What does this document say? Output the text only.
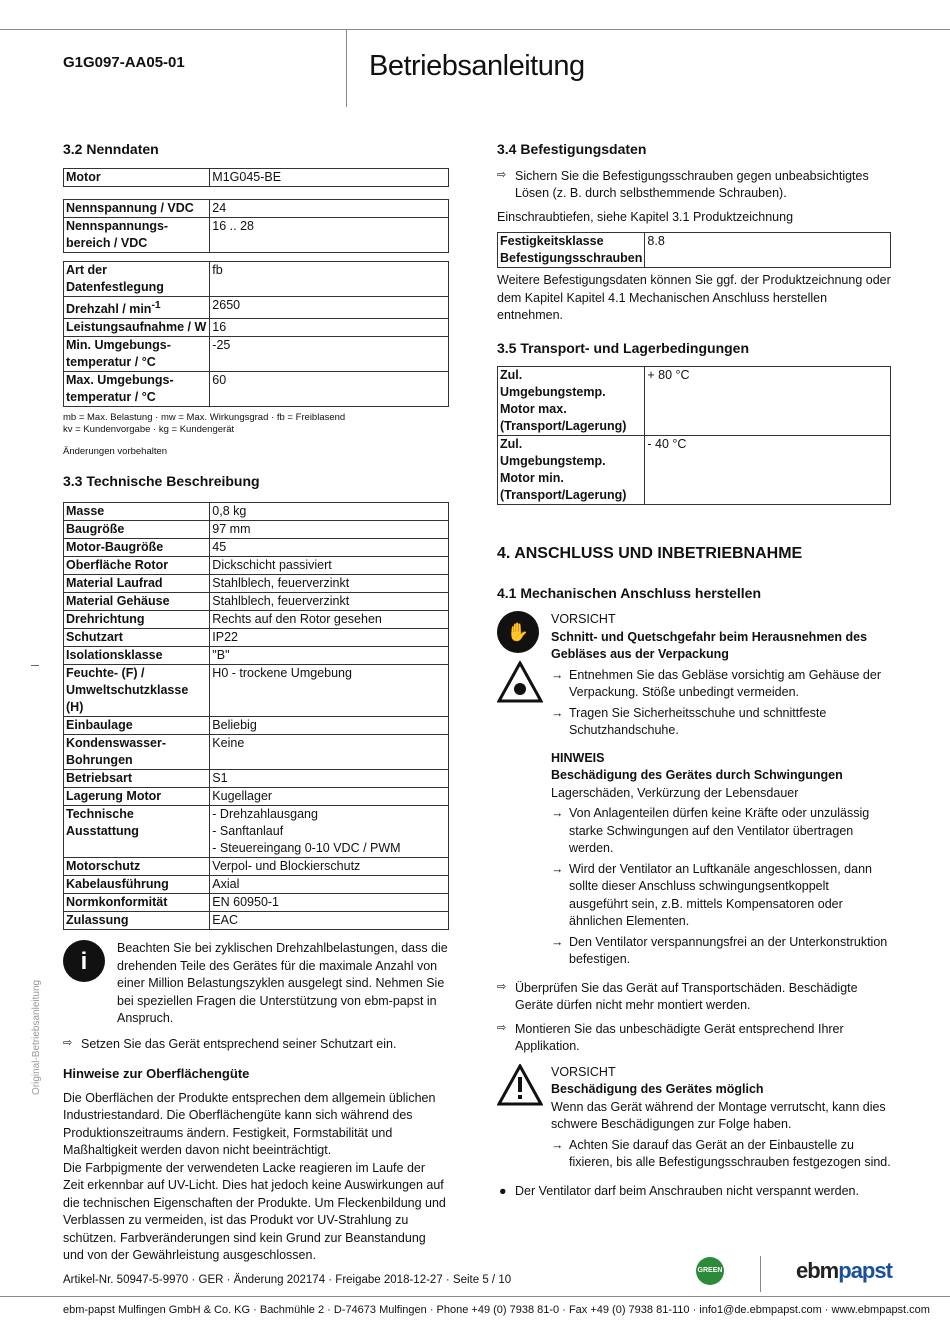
G1G097-AA05-01	Betriebsanleitung
Original-Betriebsanleitung
3.2 Nenndaten
Motor	M1G045-BE
Nennspannung / VDC	24
Nennspannungs-
bereich / VDC	16 .. 28
Art der Datenfestlegung	fb
Drehzahl / $\min^{-1}$	2650
Leistungsaufnahme / W	16
Min. Umgebungs-
temperatur / °C	-25
Max. Umgebungs-
temperatur / °C	60
mb = Max. Belastung · mw = Max. Wirkungsgrad · fb = Freiblasend
kv = Kundenvorgabe · kg = Kundengerät
Änderungen vorbehalten
3.3 Technische Beschreibung
Masse	0,8 kg
Baugröße	97 mm
Motor-Baugröße	45
Oberfläche Rotor	Dickschicht passiviert
Material Laufrad	Stahlblech, feuerverzinkt
Material Gehäuse	Stahlblech, feuerverzinkt
Drehrichtung	Rechts auf den Rotor gesehen
Schutzart	IP22
Isolationsklasse	"B"
Feuchte- (F) /
Umweltschutzklasse
(H)	H0 - trockene Umgebung
Einbaulage	Beliebig
Kondenswasser-
Bohrungen	Keine
Betriebsart	S1
Lagerung Motor	Kugellager
Technische Ausstattung	- Drehzahlausgang
- Sanftanlauf
- Steuereingang 0-10 VDC / PWM
Motorschutz	Verpol- und Blockierschutz
Kabelausführung	Axial
Normkonformität	EN 60950-1
Zulassung	EAC
i	Beachten Sie bei zyklischen Drehzahlbelastungen, dass die drehenden Teile des Gerätes für die maximale Anzahl von einer Million Belastungszyklen ausgelegt sind. Nehmen Sie bei speziellen Fragen die Unterstützung von ebm-papst in Anspruch.

⇨ Setzen Sie das Gerät entsprechend seiner Schutzart ein.
Hinweise zur Oberflächengüte

Die Oberflächen der Produkte entsprechen dem allgemein üblichen Industriestandard. Die Oberflächengüte kann sich während des Produktionszeitraums ändern. Festigkeit, Formstabilität und Maßhaltigkeit werden davon nicht beeinträchtigt.

Die Farbpigmente der verwendeten Lacke reagieren im Laufe der Zeit erkennbar auf UV-Licht. Dies hat jedoch keine Auswirkungen auf die technischen Eigenschaften der Produkte. Um Fleckenbildung und Verblassen zu vermeiden, ist das Produkt vor UV-Strahlung zu schützen. Farbveränderungen sind kein Grund zur Beanstandung und von der Gewährleistung ausgeschlossen.

3.4 Befestigungsdaten
⇨ Sichern Sie die Befestigungsschrauben gegen unbeabsichtigtes Lösen (z. B. durch selbsthemmende Schrauben).

Einschraubtiefen, siehe Kapitel 3.1 Produktzeichnung

Festigkeitsklasse
Befestigungsschrauben	8.8

Weitere Befestigungsdaten können Sie ggf. der Produktzeichnung oder dem Kapitel Kapitel 4.1 Mechanischen Anschluss herstellen entnehmen.

3.5 Transport- und Lagerbedingungen
Zul.
Umgebungstemp.
Motor max.
(Transport/Lagerung)	+ 80 °C
Zul.
Umgebungstemp.
Motor min.
(Transport/Lagerung)	- 40 °C
4. ANSCHLUSS UND INBETRIEBNAHME
4.1 Mechanischen Anschluss herstellen
✋
VORSICHT
Schnitt- und Quetschgefahr beim Herausnehmen des Gebläses aus der Verpackung
→ Entnehmen Sie das Gebläse vorsichtig am Gehäuse der Verpackung. Stöße unbedingt vermeiden.
→ Tragen Sie Sicherheitsschuhe und schnittfeste Schutzhandschuhe.
HINWEIS
Beschädigung des Gerätes durch Schwingungen
Lagerschäden, Verkürzung der Lebensdauer
→ Von Anlagenteilen dürfen keine Kräfte oder unzulässig starke Schwingungen auf den Ventilator übertragen werden.
→ Wird der Ventilator an Luftkanäle angeschlossen, dann sollte dieser Anschluss schwingungsentkoppelt ausgeführt sein, z.B. mittels Kompensatoren oder ähnlichen Elementen.
→ Den Ventilator verspannungsfrei an der Unterkonstruktion befestigen.
⇨ Überprüfen Sie das Gerät auf Transportschäden. Beschädigte Geräte dürfen nicht mehr montiert werden.
⇨ Montieren Sie das unbeschädigte Gerät entsprechend Ihrer Applikation.
VORSICHT
Beschädigung des Gerätes möglich
Wenn das Gerät während der Montage verrutscht, kann dies schwere Beschädigungen zur Folge haben.
→ Achten Sie darauf das Gerät an der Einbaustelle zu fixieren, bis alle Befestigungsschrauben festgezogen sind.
● Der Ventilator darf beim Anschrauben nicht verspannt werden.
Artikel-Nr. 50947-5-9970 · GER · Änderung 202174 · Freigabe 2018-12-27 · Seite 5 / 10
GREEN TECH
ebmpapst
ebm-papst Mulfingen GmbH & Co. KG · Bachmühle 2 · D-74673 Mulfingen · Phone +49 (0) 7938 81-0 · Fax +49 (0) 7938 81-110 · info1@de.ebmpapst.com · www.ebmpapst.com
